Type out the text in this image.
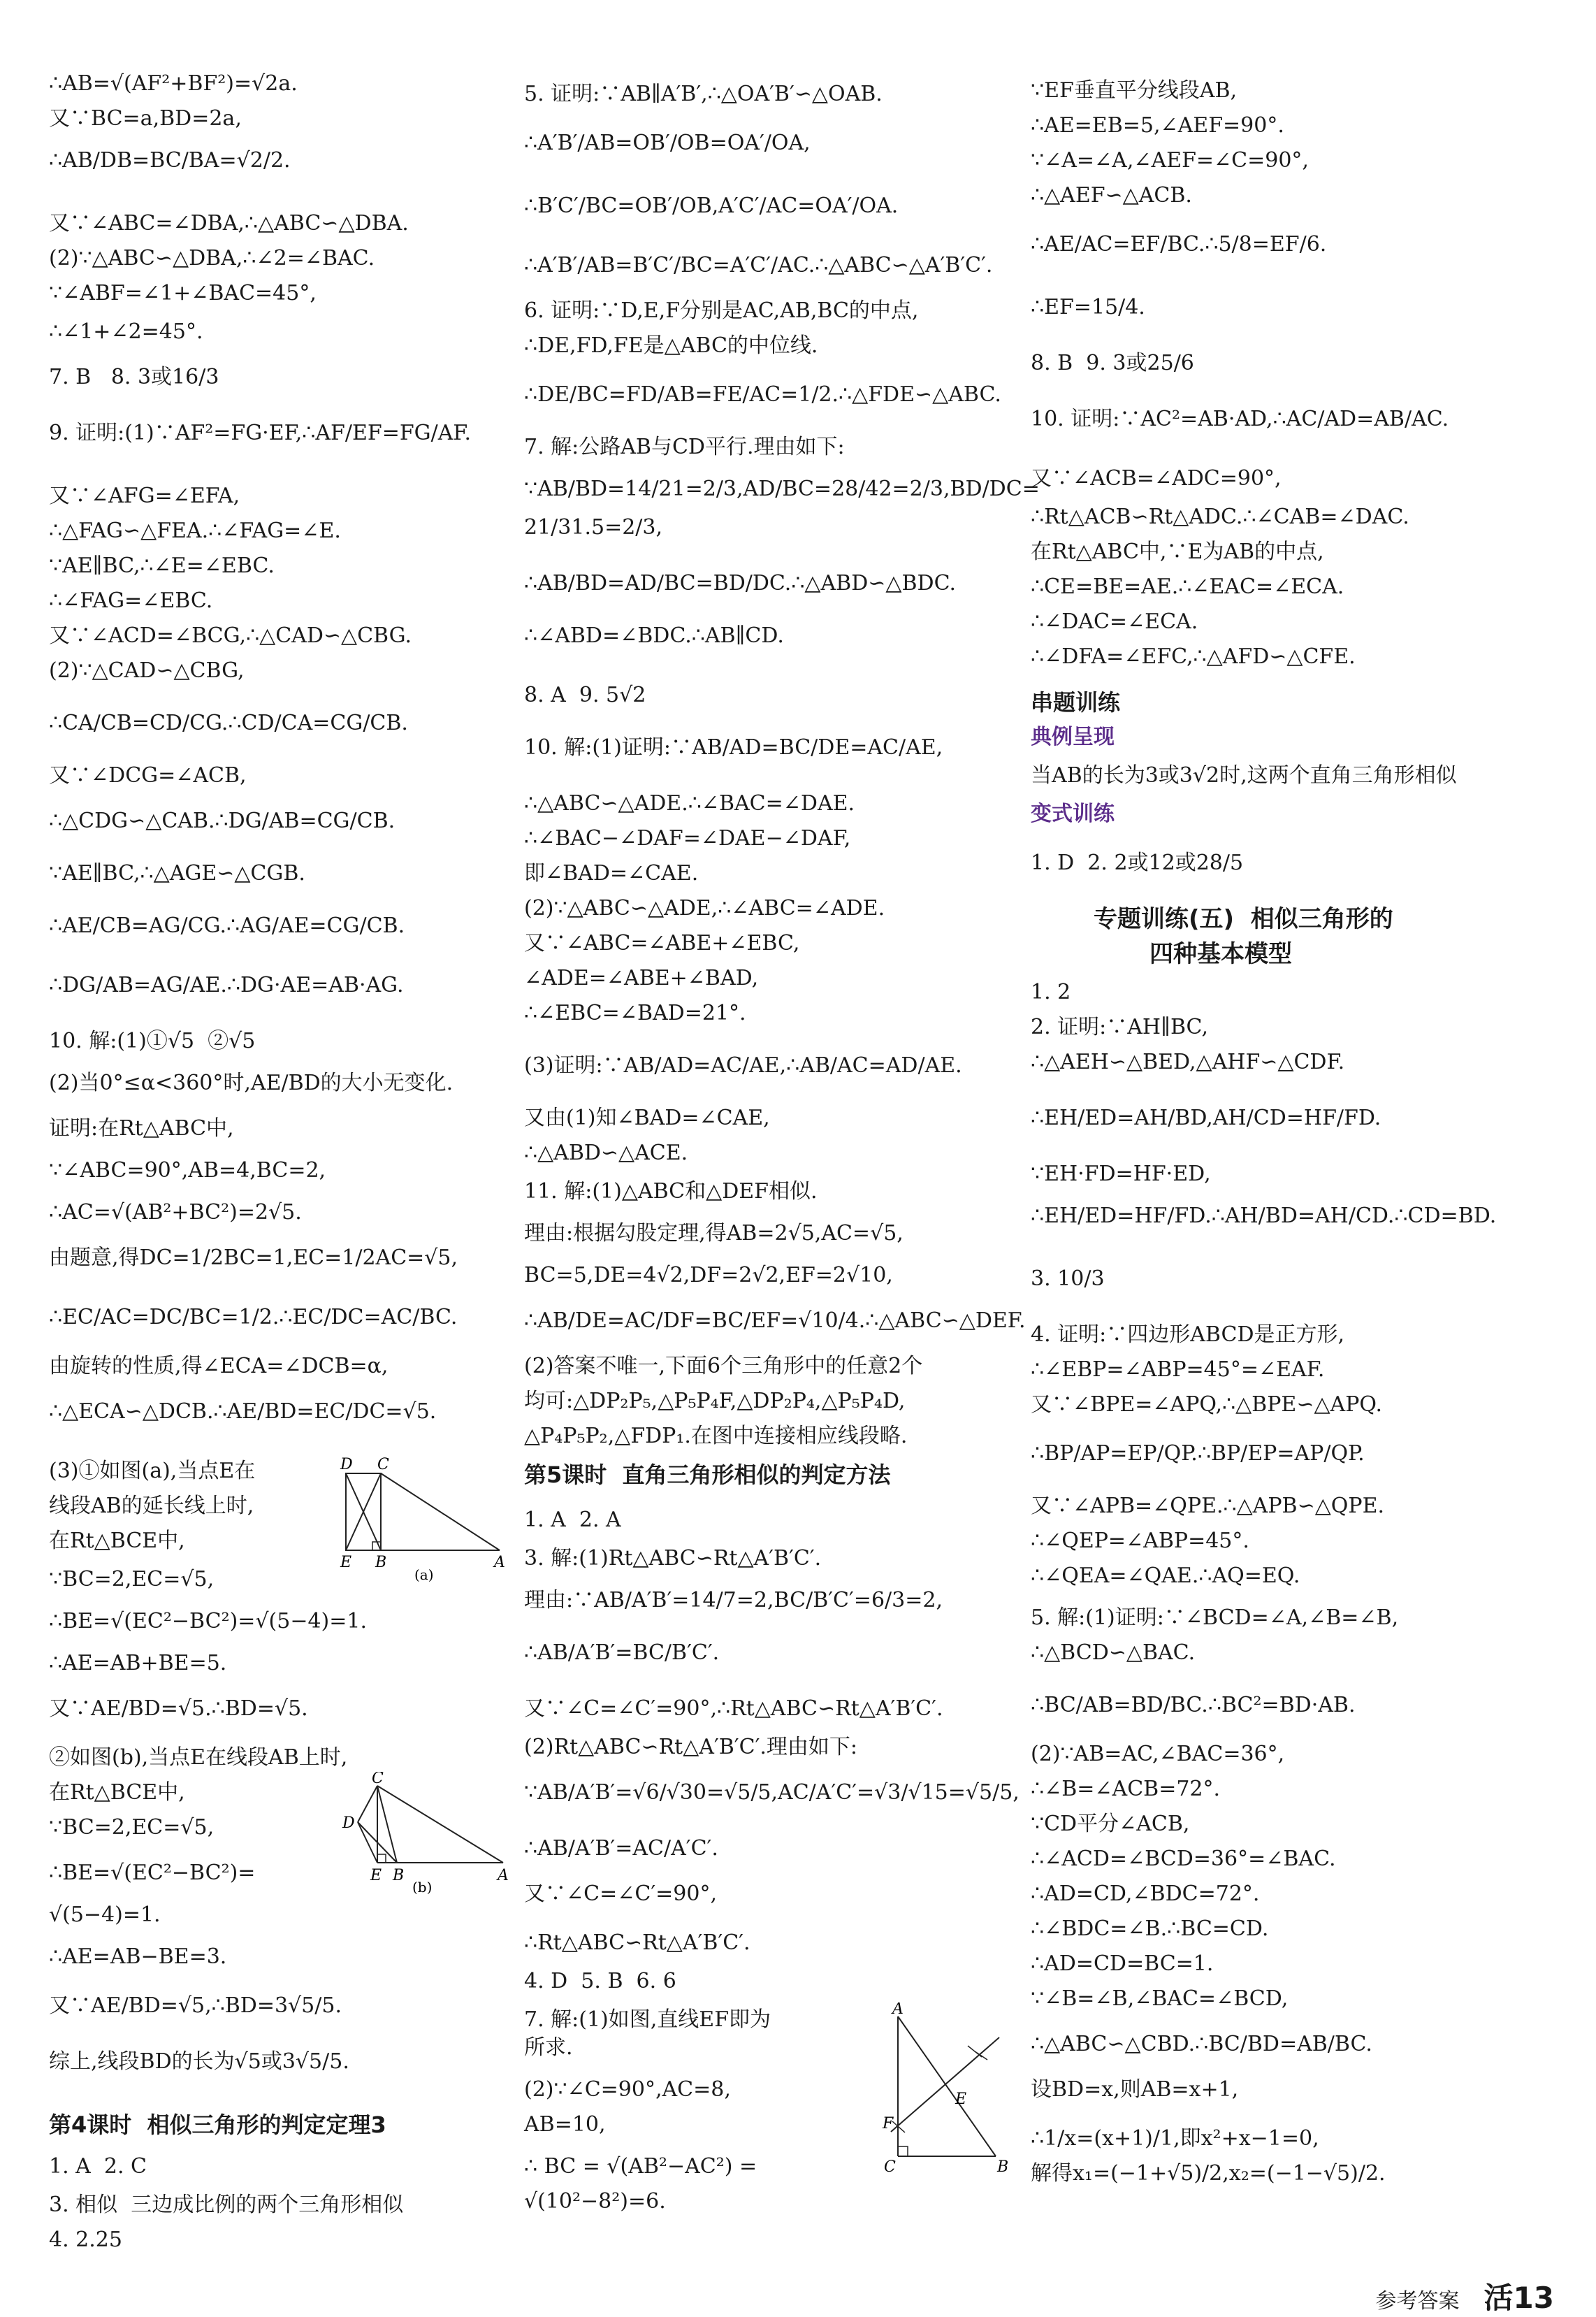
∴AB=√(AF²+BF²)=√2a.
又∵BC=a,BD=2a,
∴AB/DB=BC/BA=√2/2.
又∵∠ABC=∠DBA,∴△ABC∽△DBA.
(2)∵△ABC∽△DBA,∴∠2=∠BAC.
∵∠ABF=∠1+∠BAC=45°,
∴∠1+∠2=45°.
7. B   8. 3或16/3
9. 证明:(1)∵AF²=FG·EF,∴AF/EF=FG/AF.
又∵∠AFG=∠EFA,
∴△FAG∽△FEA.∴∠FAG=∠E.
∵AE∥BC,∴∠E=∠EBC.
∴∠FAG=∠EBC.
又∵∠ACD=∠BCG,∴△CAD∽△CBG.
(2)∵△CAD∽△CBG,
∴CA/CB=CD/CG.∴CD/CA=CG/CB.
又∵∠DCG=∠ACB,
∴△CDG∽△CAB.∴DG/AB=CG/CB.
∵AE∥BC,∴△AGE∽△CGB.
∴AE/CB=AG/CG.∴AG/AE=CG/CB.
∴DG/AB=AG/AE.∴DG·AE=AB·AG.
10. 解:(1)①√5  ②√5
(2)当0°≤α<360°时,AE/BD的大小无变化.
证明:在Rt△ABC中,
∵∠ABC=90°,AB=4,BC=2,
∴AC=√(AB²+BC²)=2√5.
由题意,得DC=1/2BC=1,EC=1/2AC=√5,
∴EC/AC=DC/BC=1/2.∴EC/DC=AC/BC.
由旋转的性质,得∠ECA=∠DCB=α,
∴△ECA∽△DCB.∴AE/BD=EC/DC=√5.
(3)①如图(a),当点E在
线段AB的延长线上时,
在Rt△BCE中,
∵BC=2,EC=√5,
∴BE=√(EC²−BC²)=√(5−4)=1.
∴AE=AB+BE=5.
又∵AE/BD=√5.∴BD=√5.
②如图(b),当点E在线段AB上时,
在Rt△BCE中,
∵BC=2,EC=√5,
∴BE=√(EC²−BC²)=
√(5−4)=1.
∴AE=AB−BE=3.
又∵AE/BD=√5,∴BD=3√5/5.
综上,线段BD的长为√5或3√5/5.
第4课时  相似三角形的判定定理3
1. A  2. C
3. 相似  三边成比例的两个三角形相似
4. 2.25
5. 证明:∵AB∥A′B′,∴△OA′B′∽△OAB.
∴A′B′/AB=OB′/OB=OA′/OA,
∴B′C′/BC=OB′/OB,A′C′/AC=OA′/OA.
∴A′B′/AB=B′C′/BC=A′C′/AC.∴△ABC∽△A′B′C′.
6. 证明:∵D,E,F分别是AC,AB,BC的中点,
∴DE,FD,FE是△ABC的中位线.
∴DE/BC=FD/AB=FE/AC=1/2.∴△FDE∽△ABC.
7. 解:公路AB与CD平行.理由如下:
∵AB/BD=14/21=2/3,AD/BC=28/42=2/3,BD/DC=
21/31.5=2/3,
∴AB/BD=AD/BC=BD/DC.∴△ABD∽△BDC.
∴∠ABD=∠BDC.∴AB∥CD.
8. A  9. 5√2
10. 解:(1)证明:∵AB/AD=BC/DE=AC/AE,
∴△ABC∽△ADE.∴∠BAC=∠DAE.
∴∠BAC−∠DAF=∠DAE−∠DAF,
即∠BAD=∠CAE.
(2)∵△ABC∽△ADE,∴∠ABC=∠ADE.
又∵∠ABC=∠ABE+∠EBC,
∠ADE=∠ABE+∠BAD,
∴∠EBC=∠BAD=21°.
(3)证明:∵AB/AD=AC/AE,∴AB/AC=AD/AE.
又由(1)知∠BAD=∠CAE,
∴△ABD∽△ACE.
11. 解:(1)△ABC和△DEF相似.
理由:根据勾股定理,得AB=2√5,AC=√5,
BC=5,DE=4√2,DF=2√2,EF=2√10,
∴AB/DE=AC/DF=BC/EF=√10/4.∴△ABC∽△DEF.
(2)答案不唯一,下面6个三角形中的任意2个
均可:△DP₂P₅,△P₅P₄F,△DP₂P₄,△P₅P₄D,
△P₄P₅P₂,△FDP₁.在图中连接相应线段略.
第5课时  直角三角形相似的判定方法
1. A  2. A
3. 解:(1)Rt△ABC∽Rt△A′B′C′.
理由:∵AB/A′B′=14/7=2,BC/B′C′=6/3=2,
∴AB/A′B′=BC/B′C′.
又∵∠C=∠C′=90°,∴Rt△ABC∽Rt△A′B′C′.
(2)Rt△ABC∽Rt△A′B′C′.理由如下:
∵AB/A′B′=√6/√30=√5/5,AC/A′C′=√3/√15=√5/5,
∴AB/A′B′=AC/A′C′.
又∵∠C=∠C′=90°,
∴Rt△ABC∽Rt△A′B′C′.
4. D  5. B  6. 6
7. 解:(1)如图,直线EF即为
所求.
(2)∵∠C=90°,AC=8,
AB=10,
∴ BC = √(AB²−AC²) =
√(10²−8²)=6.
∵EF垂直平分线段AB,
∴AE=EB=5,∠AEF=90°.
∵∠A=∠A,∠AEF=∠C=90°,
∴△AEF∽△ACB.
∴AE/AC=EF/BC.∴5/8=EF/6.
∴EF=15/4.
8. B  9. 3或25/6
10. 证明:∵AC²=AB·AD,∴AC/AD=AB/AC.
又∵∠ACB=∠ADC=90°,
∴Rt△ACB∽Rt△ADC.∴∠CAB=∠DAC.
在Rt△ABC中,∵E为AB的中点,
∴CE=BE=AE.∴∠EAC=∠ECA.
∴∠DAC=∠ECA.
∴∠DFA=∠EFC,∴△AFD∽△CFE.
串题训练
典例呈现
当AB的长为3或3√2时,这两个直角三角形相似
变式训练
1. D  2. 2或12或28/5
专题训练(五)  相似三角形的
四种基本模型
1. 2
2. 证明:∵AH∥BC,
∴△AEH∽△BED,△AHF∽△CDF.
∴EH/ED=AH/BD,AH/CD=HF/FD.
∵EH·FD=HF·ED,
∴EH/ED=HF/FD.∴AH/BD=AH/CD.∴CD=BD.
3. 10/3
4. 证明:∵四边形ABCD是正方形,
∴∠EBP=∠ABP=45°=∠EAF.
又∵∠BPE=∠APQ,∴△BPE∽△APQ.
∴BP/AP=EP/QP.∴BP/EP=AP/QP.
又∵∠APB=∠QPE.∴△APB∽△QPE.
∴∠QEP=∠ABP=45°.
∴∠QEA=∠QAE.∴AQ=EQ.
5. 解:(1)证明:∵∠BCD=∠A,∠B=∠B,
∴△BCD∽△BAC.
∴BC/AB=BD/BC.∴BC²=BD·AB.
(2)∵AB=AC,∠BAC=36°,
∴∠B=∠ACB=72°.
∵CD平分∠ACB,
∴∠ACD=∠BCD=36°=∠BAC.
∴AD=CD,∠BDC=72°.
∴∠BDC=∠B.∴BC=CD.
∴AD=CD=BC=1.
∵∠B=∠B,∠BAC=∠BCD,
∴△ABC∽△CBD.∴BC/BD=AB/BC.
设BD=x,则AB=x+1,
∴1/x=(x+1)/1,即x²+x−1=0,
解得x₁=(−1+√5)/2,x₂=(−1−√5)/2.
D C
E B	A
(a)
C
D
E B	A
(b)
A
F
C
E
B
参考答案 活13
